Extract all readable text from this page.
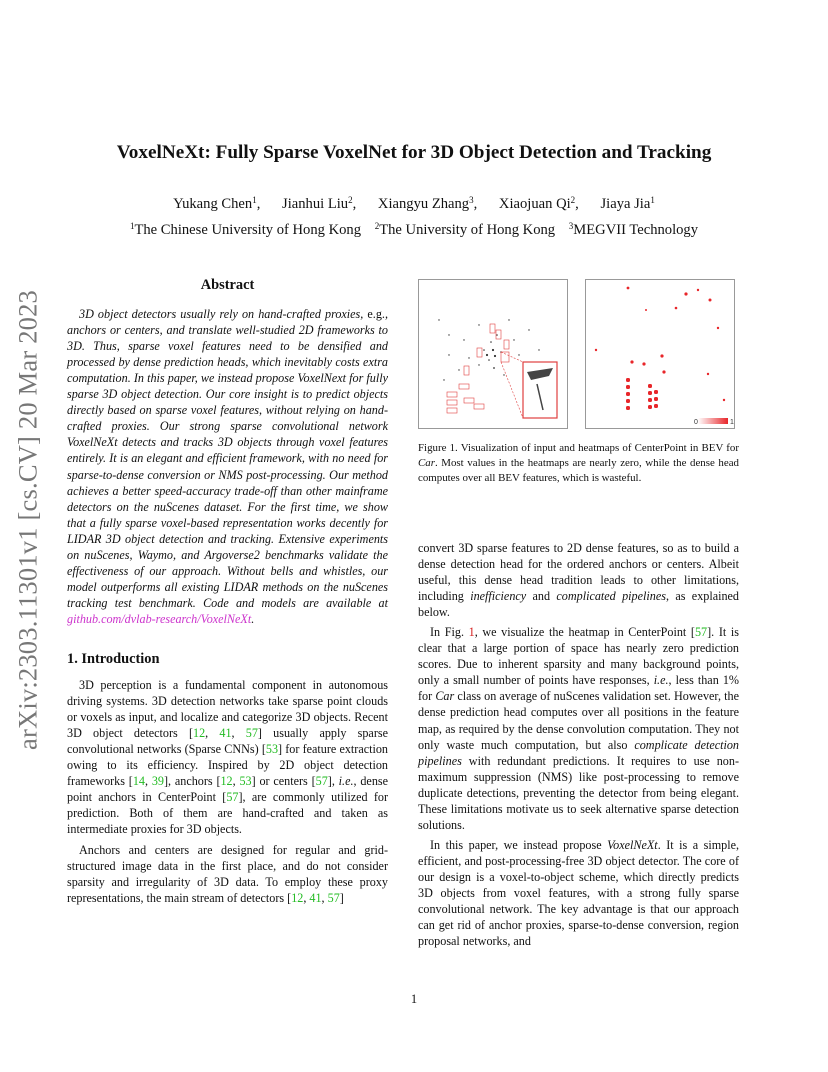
arXiv:2303.11301v1 [cs.CV] 20 Mar 2023
VoxelNeXt: Fully Sparse VoxelNet for 3D Object Detection and Tracking
Yukang Chen$^1$, Jianhui Liu$^2$, Xiangyu Zhang$^3$, Xiaojuan Qi$^2$, Jiaya Jia$^1$
$^1$The Chinese University of Hong Kong $^2$The University of Hong Kong $^3$MEGVII Technology
Abstract

3D object detectors usually rely on hand-crafted proxies, e.g., anchors or centers, and translate well-studied 2D frameworks to 3D. Thus, sparse voxel features need to be densified and processed by dense prediction heads, which inevitably costs extra computation. In this paper, we instead propose VoxelNext for fully sparse 3D object detection. Our core insight is to predict objects directly based on sparse voxel features, without relying on hand-crafted proxies. Our strong sparse convolutional network VoxelNeXt detects and tracks 3D objects through voxel features entirely. It is an elegant and efficient framework, with no need for sparse-to-dense conversion or NMS post-processing. Our method achieves a better speed-accuracy trade-off than other mainframe detectors on the nuScenes dataset. For the first time, we show that a fully sparse voxel-based representation works decently for LIDAR 3D object detection and tracking. Extensive experiments on nuScenes, Waymo, and Argoverse2 benchmarks validate the effectiveness of our approach. Without bells and whistles, our model outperforms all existing LIDAR methods on the nuScenes tracking test benchmark. Code and models are available at github.com/dvlab-research/VoxelNeXt.

1. Introduction

3D perception is a fundamental component in autonomous driving systems. 3D detection networks take sparse point clouds or voxels as input, and localize and categorize 3D objects. Recent 3D object detectors [12, 41, 57] usually apply sparse convolutional networks (Sparse CNNs) [53] for feature extraction owing to its efficiency. Inspired by 2D object detection frameworks [14, 39], anchors [12, 53] or centers [57], i.e., dense point anchors in CenterPoint [57], are commonly utilized for prediction. Both of them are hand-crafted and taken as intermediate proxies for 3D objects.

Anchors and centers are designed for regular and grid-structured image data in the first place, and do not consider sparsity and irregularity of 3D data. To employ these proxy representations, the main stream of detectors [12, 41, 57]

0	1
Figure 1. Visualization of input and heatmaps of CenterPoint in BEV for Car. Most values in the heatmaps are nearly zero, while the dense head computes over all BEV features, which is wasteful.

convert 3D sparse features to 2D dense features, so as to build a dense detection head for the ordered anchors or centers. Albeit useful, this dense head tradition leads to other limitations, including inefficiency and complicated pipelines, as explained below.

In Fig. 1, we visualize the heatmap in CenterPoint [57]. It is clear that a large portion of space has nearly zero prediction scores. Due to inherent sparsity and many background points, only a small number of points have responses, i.e., less than 1% for Car class on average of nuScenes validation set. However, the dense prediction head computes over all positions in the feature map, as required by the dense convolution computation. They not only waste much computation, but also complicate detection pipelines with redundant predictions. It requires to use non-maximum suppression (NMS) like post-processing to remove duplicate detections, preventing the detector from being elegant. These limitations motivate us to seek alternative sparse detection solutions.

In this paper, we instead propose VoxelNeXt. It is a simple, efficient, and post-processing-free 3D object detector. The core of our design is a voxel-to-object scheme, which directly predicts 3D objects from voxel features, with a strong fully sparse convolutional network. The key advantage is that our approach can get rid of anchor proxies, sparse-to-dense conversion, region proposal networks, and

1
